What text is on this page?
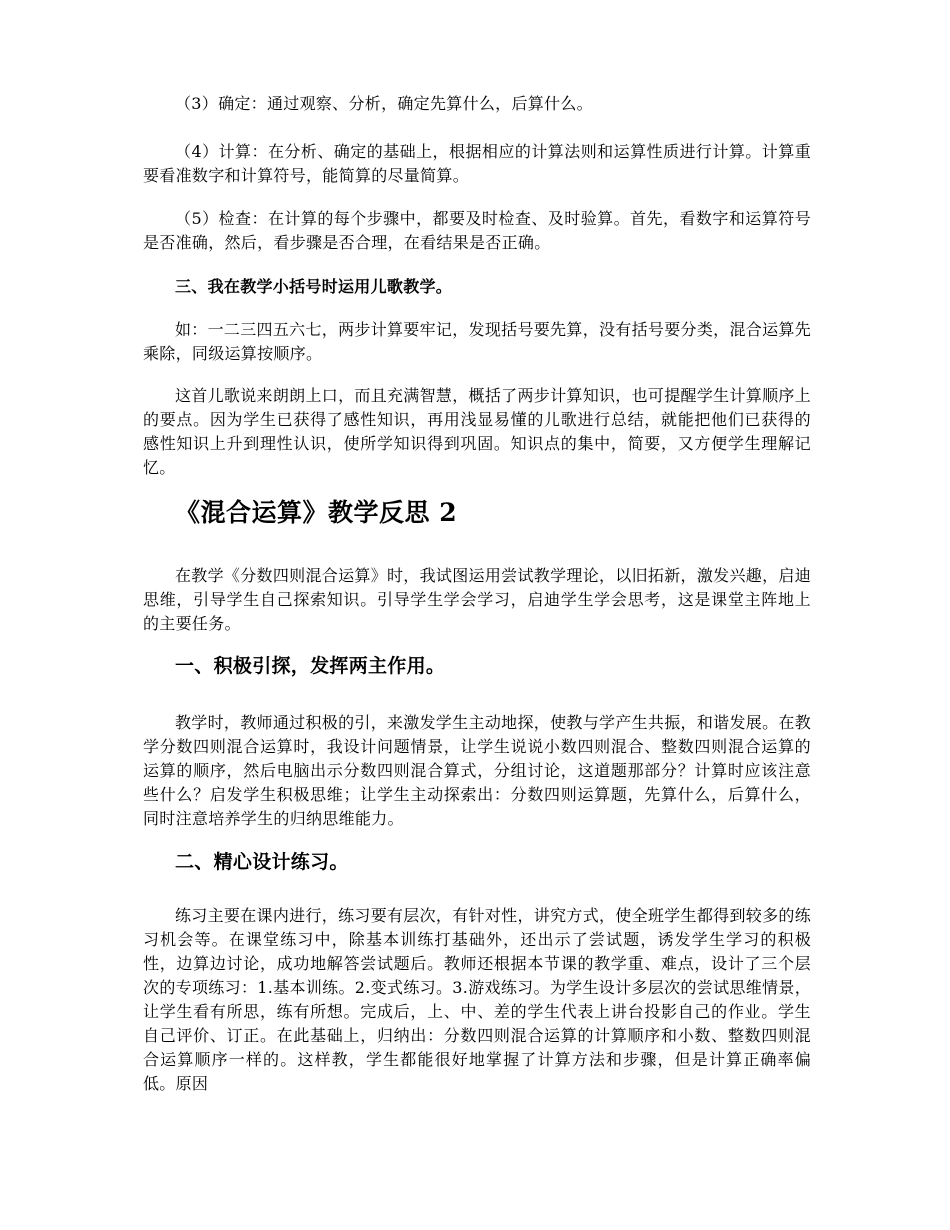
（3）确定：通过观察、分析，确定先算什么，后算什么。

（4）计算：在分析、确定的基础上，根据相应的计算法则和运算性质进行计算。计算重要看准数字和计算符号，能简算的尽量简算。

（5）检查：在计算的每个步骤中，都要及时检查、及时验算。首先，看数字和运算符号是否准确，然后，看步骤是否合理，在看结果是否正确。

三、我在教学小括号时运用儿歌教学。

如：一二三四五六七，两步计算要牢记，发现括号要先算，没有括号要分类，混合运算先乘除，同级运算按顺序。

这首儿歌说来朗朗上口，而且充满智慧，概括了两步计算知识，也可提醒学生计算顺序上的要点。因为学生已获得了感性知识，再用浅显易懂的儿歌进行总结，就能把他们已获得的感性知识上升到理性认识，使所学知识得到巩固。知识点的集中，简要，又方便学生理解记忆。

《混合运算》教学反思 2

在教学《分数四则混合运算》时，我试图运用尝试教学理论，以旧拓新，激发兴趣，启迪思维，引导学生自己探索知识。引导学生学会学习，启迪学生学会思考，这是课堂主阵地上的主要任务。

一、积极引探，发挥两主作用。

教学时，教师通过积极的引，来激发学生主动地探，使教与学产生共振，和谐发展。在教学分数四则混合运算时，我设计问题情景，让学生说说小数四则混合、整数四则混合运算的运算的顺序，然后电脑出示分数四则混合算式，分组讨论，这道题那部分？计算时应该注意些什么？启发学生积极思维；让学生主动探索出：分数四则运算题，先算什么，后算什么，同时注意培养学生的归纳思维能力。

二、精心设计练习。

练习主要在课内进行，练习要有层次，有针对性，讲究方式，使全班学生都得到较多的练习机会等。在课堂练习中，除基本训练打基础外，还出示了尝试题，诱发学生学习的积极性，边算边讨论，成功地解答尝试题后。教师还根据本节课的教学重、难点，设计了三个层次的专项练习：1.基本训练。2.变式练习。3.游戏练习。为学生设计多层次的尝试思维情景，让学生看有所思，练有所想。完成后，上、中、差的学生代表上讲台投影自己的作业。学生自己评价、订正。在此基础上，归纳出：分数四则混合运算的计算顺序和小数、整数四则混合运算顺序一样的。这样教，学生都能很好地掌握了计算方法和步骤，但是计算正确率偏低。原因
